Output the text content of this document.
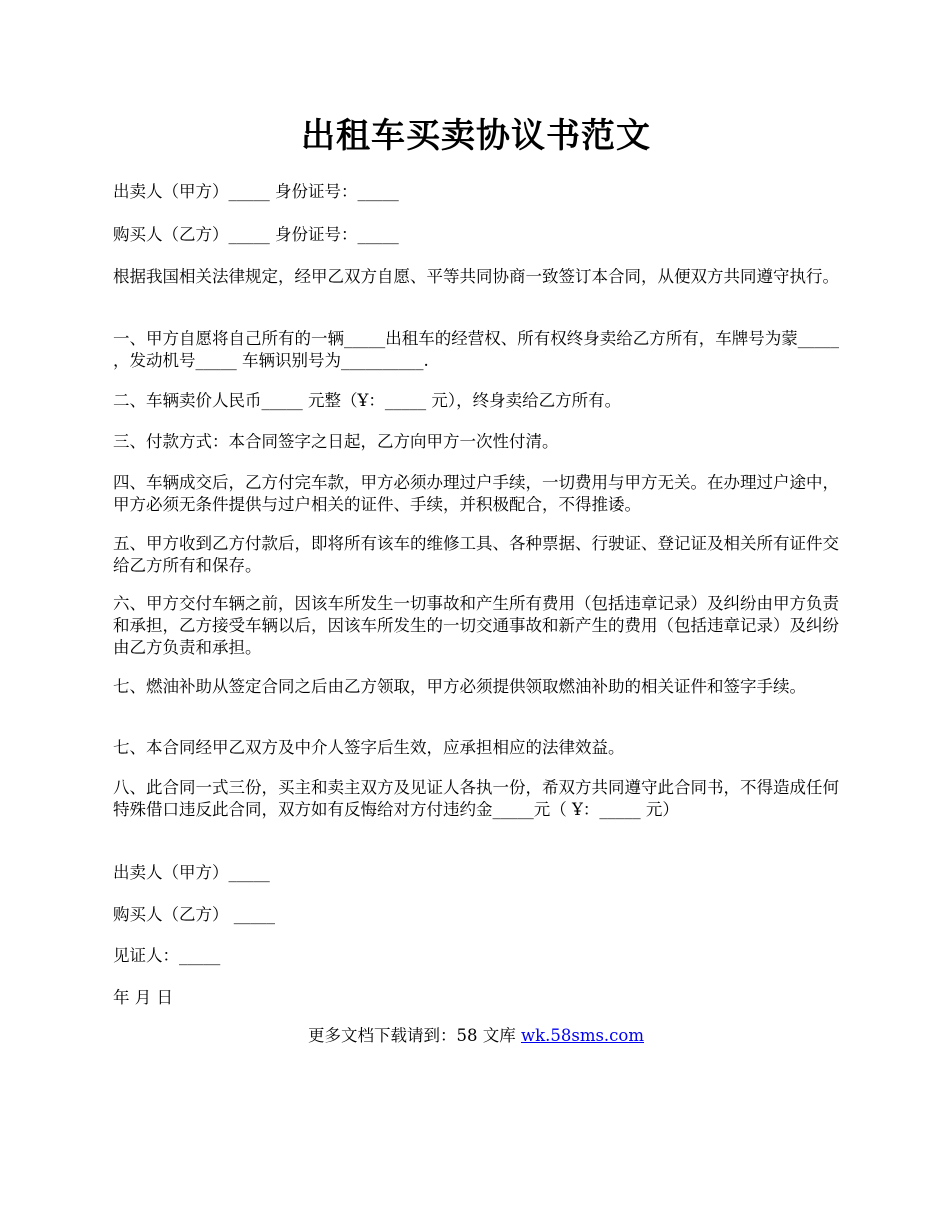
出租车买卖协议书范文

出卖人（甲方）_____ 身份证号：_____

购买人（乙方）_____ 身份证号：_____

根据我国相关法律规定，经甲乙双方自愿、平等共同协商一致签订本合同，从便双方共同遵守执行。

一、甲方自愿将自己所有的一辆_____出租车的经营权、所有权终身卖给乙方所有，车牌号为蒙_____ ，发动机号_____ 车辆识别号为__________.

二、车辆卖价人民币_____ 元整（Ұ：_____ 元），终身卖给乙方所有。

三、付款方式：本合同签字之日起，乙方向甲方一次性付清。

四、车辆成交后，乙方付完车款，甲方必须办理过户手续，一切费用与甲方无关。在办理过户途中，甲方必须无条件提供与过户相关的证件、手续，并积极配合，不得推诿。

五、甲方收到乙方付款后，即将所有该车的维修工具、各种票据、行驶证、登记证及相关所有证件交给乙方所有和保存。

六、甲方交付车辆之前，因该车所发生一切事故和产生所有费用（包括违章记录）及纠纷由甲方负责和承担，乙方接受车辆以后，因该车所发生的一切交通事故和新产生的费用（包括违章记录）及纠纷由乙方负责和承担。

七、燃油补助从签定合同之后由乙方领取，甲方必须提供领取燃油补助的相关证件和签字手续。

七、本合同经甲乙双方及中介人签字后生效，应承担相应的法律效益。

八、此合同一式三份，买主和卖主双方及见证人各执一份，希双方共同遵守此合同书，不得造成任何特殊借口违反此合同，双方如有反悔给对方付违约金_____元（ Ұ：_____ 元）

出卖人（甲方）_____

购买人（乙方） _____

见证人：_____

年 月 日

更多文档下载请到：58 文库 wk.58sms.com
